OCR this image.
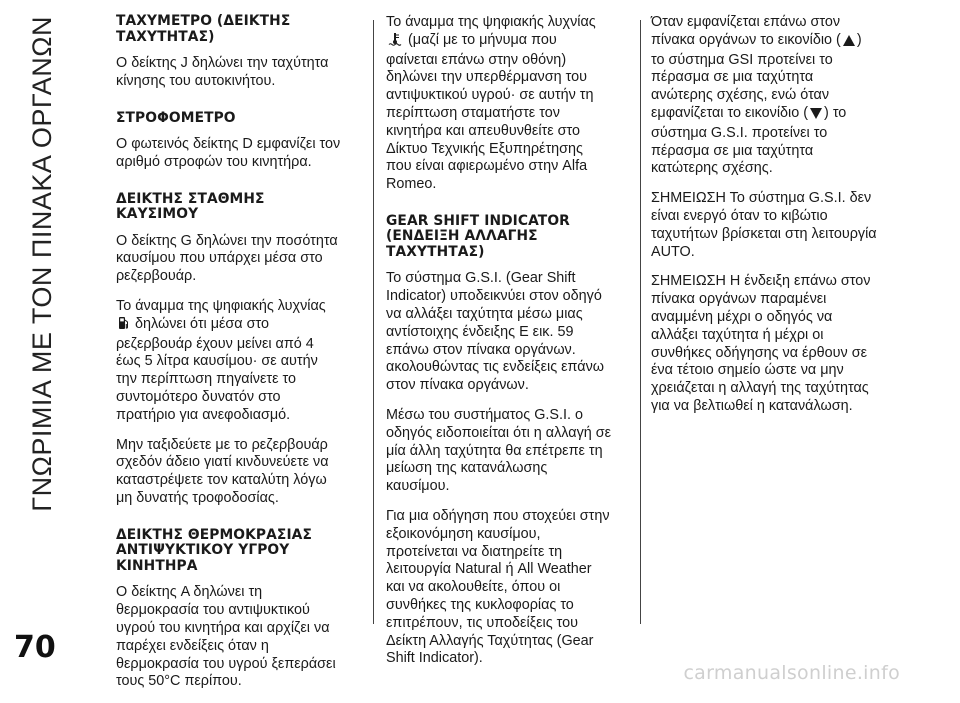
ΓΝΩΡΙΜΙΑ ΜΕ ΤΟΝ ΠΙΝΑΚΑ ΟΡΓΑΝΩΝ
70
ΤΑΧΥΜΕΤΡΟ (ΔΕΙΚΤΗΣ ΤΑΧΥΤΗΤΑΣ)

Ο δείκτης J δηλώνει την ταχύτητα κίνησης του αυτοκινήτου.

ΣΤΡΟΦΟΜΕΤΡΟ

Ο φωτεινός δείκτης D εμφανίζει τον αριθμό στροφών του κινητήρα.

ΔΕΙΚΤΗΣ ΣΤΑΘΜΗΣ ΚΑΥΣΙΜΟΥ

Ο δείκτης G δηλώνει την ποσότητα καυσίμου που υπάρχει μέσα στο ρεζερβουάρ.

Το άναμμα της ψηφιακής λυχνίας  δηλώνει ότι μέσα στο ρεζερβουάρ έχουν μείνει από 4 έως 5 λίτρα καυσίμου· σε αυτήν την περίπτωση πηγαίνετε το συντομότερο δυνατόν στο πρατήριο για ανεφοδιασμό.

Μην ταξιδεύετε με το ρεζερβουάρ σχεδόν άδειο γιατί κινδυνεύετε να καταστρέψετε τον καταλύτη λόγω μη δυνατής τροφοδοσίας.

ΔΕΙΚΤΗΣ ΘΕΡΜΟΚΡΑΣΙΑΣ ΑΝΤΙΨΥΚΤΙΚΟΥ ΥΓΡΟΥ ΚΙΝΗΤΗΡΑ

Ο δείκτης A δηλώνει τη θερμοκρασία του αντιψυκτικού υγρού του κινητήρα και αρχίζει να παρέχει ενδείξεις όταν η θερμοκρασία του υγρού ξεπεράσει τους 50°C περίπου.

Το άναμμα της ψηφιακής λυχνίας  (μαζί με το μήνυμα που φαίνεται επάνω στην οθόνη) δηλώνει την υπερθέρμανση του αντιψυκτικού υγρού· σε αυτήν τη περίπτωση σταματήστε τον κινητήρα και απευθυνθείτε στο Δίκτυο Τεχνικής Εξυπηρέτησης που είναι αφιερωμένο στην Alfa Romeo.

GEAR SHIFT INDICATOR (ΕΝΔΕΙΞΗ ΑΛΛΑΓΗΣ ΤΑΧΥΤΗΤΑΣ)

Το σύστημα G.S.I. (Gear Shift Indicator) υποδεικνύει στον οδηγό να αλλάξει ταχύτητα μέσω μιας αντίστοιχης ένδειξης E εικ. 59 επάνω στον πίνακα οργάνων. ακολουθώντας τις ενδείξεις επάνω στον πίνακα οργάνων.

Μέσω του συστήματος G.S.I. ο οδηγός ειδοποιείται ότι η αλλαγή σε μία άλλη ταχύτητα θα επέτρεπε τη μείωση της κατανάλωσης καυσίμου.

Για μια οδήγηση που στοχεύει στην εξοικονόμηση καυσίμου, προτείνεται να διατηρείτε τη λειτουργία Natural ή All Weather και να ακολουθείτε, όπου οι συνθήκες της κυκλοφορίας το επιτρέπουν, τις υποδείξεις του Δείκτη Αλλαγής Ταχύτητας (Gear Shift Indicator).

Όταν εμφανίζεται επάνω στον πίνακα οργάνων το εικονίδιο ( ) το σύστημα GSI προτείνει το πέρασμα σε μια ταχύτητα ανώτερης σχέσης, ενώ όταν εμφανίζεται το εικονίδιο ( ) το σύστημα G.S.I. προτείνει το πέρασμα σε μια ταχύτητα κατώτερης σχέσης.

ΣΗΜΕΙΩΣΗ Το σύστημα G.S.I. δεν είναι ενεργό όταν το κιβώτιο ταχυτήτων βρίσκεται στη λειτουργία AUTO.

ΣΗΜΕΙΩΣΗ Η ένδειξη επάνω στον πίνακα οργάνων παραμένει αναμμένη μέχρι ο οδηγός να αλλάξει ταχύτητα ή μέχρι οι συνθήκες οδήγησης να έρθουν σε ένα τέτοιο σημείο ώστε να μην χρειάζεται η αλλαγή της ταχύτητας για να βελτιωθεί η κατανάλωση.

carmanualsonline.info
